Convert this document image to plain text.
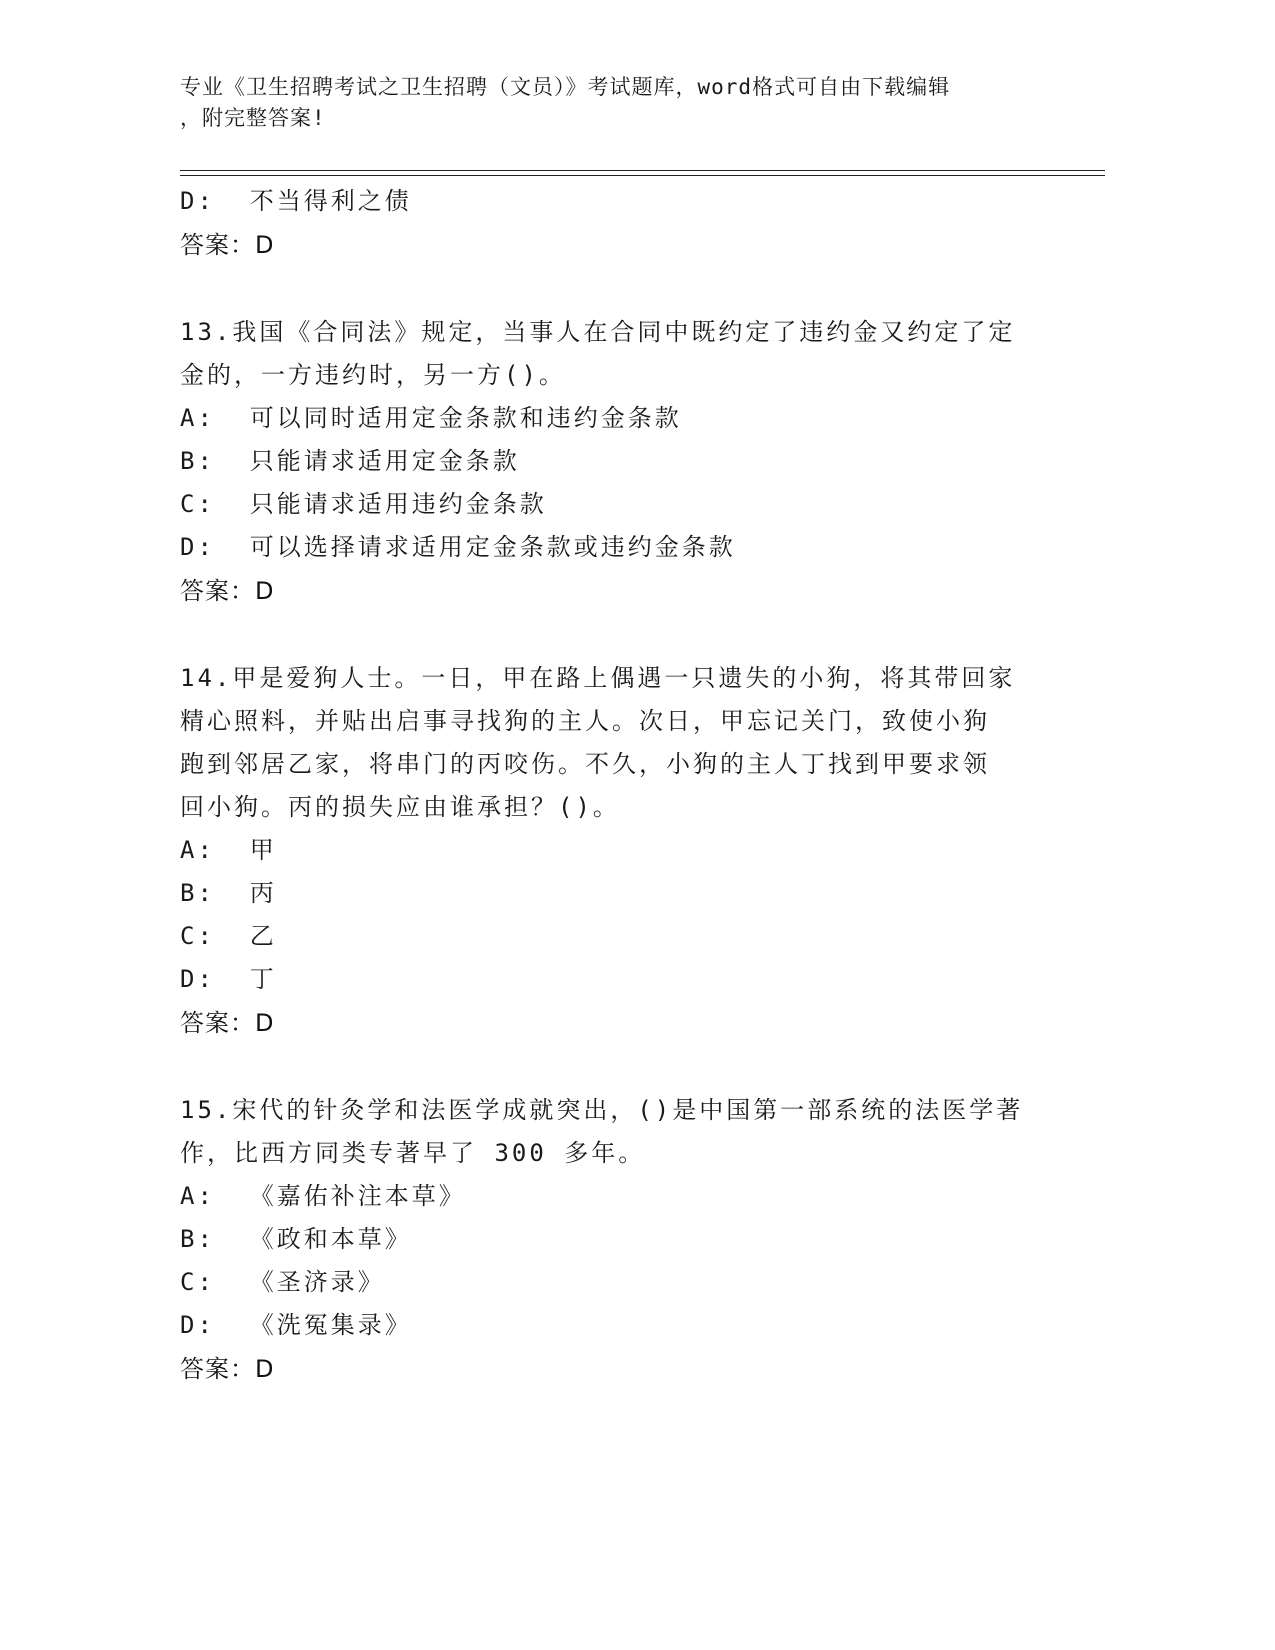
专业《卫生招聘考试之卫生招聘（文员）》考试题库，word格式可自由下载编辑
，附完整答案!
D:  不当得利之债
答案：D
13.我国《合同法》规定，当事人在合同中既约定了违约金又约定了定
金的，一方违约时，另一方()。
A:  可以同时适用定金条款和违约金条款
B:  只能请求适用定金条款
C:  只能请求适用违约金条款
D:  可以选择请求适用定金条款或违约金条款
答案：D
14.甲是爱狗人士。一日，甲在路上偶遇一只遗失的小狗，将其带回家
精心照料，并贴出启事寻找狗的主人。次日，甲忘记关门，致使小狗
跑到邻居乙家，将串门的丙咬伤。不久，小狗的主人丁找到甲要求领
回小狗。丙的损失应由谁承担？()。
A:  甲
B:  丙
C:  乙
D:  丁
答案：D
15.宋代的针灸学和法医学成就突出，()是中国第一部系统的法医学著
作，比西方同类专著早了 300 多年。
A:  《嘉佑补注本草》
B:  《政和本草》
C:  《圣济录》
D:  《洗冤集录》
答案：D
